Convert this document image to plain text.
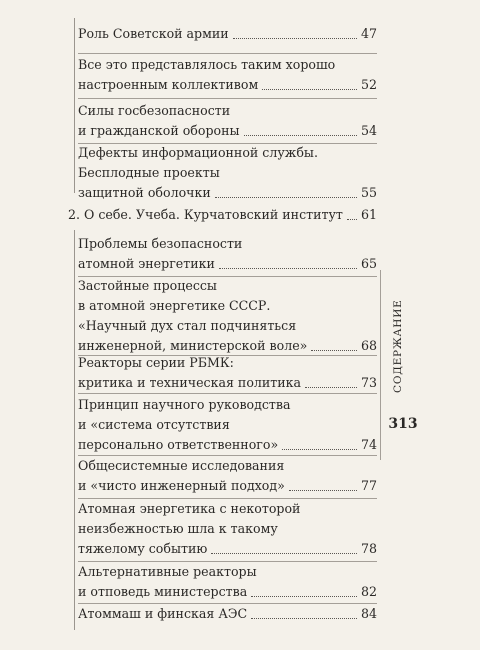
Роль Советской армии	47
Все это представлялось таким хорошо
настроенным коллективом	52
Силы госбезопасности
и гражданской обороны	54
Дефекты информационной службы.
Бесплодные проекты
защитной оболочки	55
2. О себе. Учеба. Курчатовский институт 61
Проблемы безопасности
атомной энергетики	65
Застойные процессы
в атомной энергетике СССР.
«Научный дух стал подчиняться
инженерной, министерской воле»	68
Реакторы серии РБМК:
критика и техническая политика	73
Принцип научного руководства
и «система отсутствия
персонально ответственного»	74
Общесистемные исследования
и «чисто инженерный подход»	77
Атомная энергетика с некоторой
неизбежностью шла к такому
тяжелому событию	78
Альтернативные реакторы
и отповедь министерства	82
Атоммаш и финская АЭС	84
СОДЕРЖАНИЕ
313
